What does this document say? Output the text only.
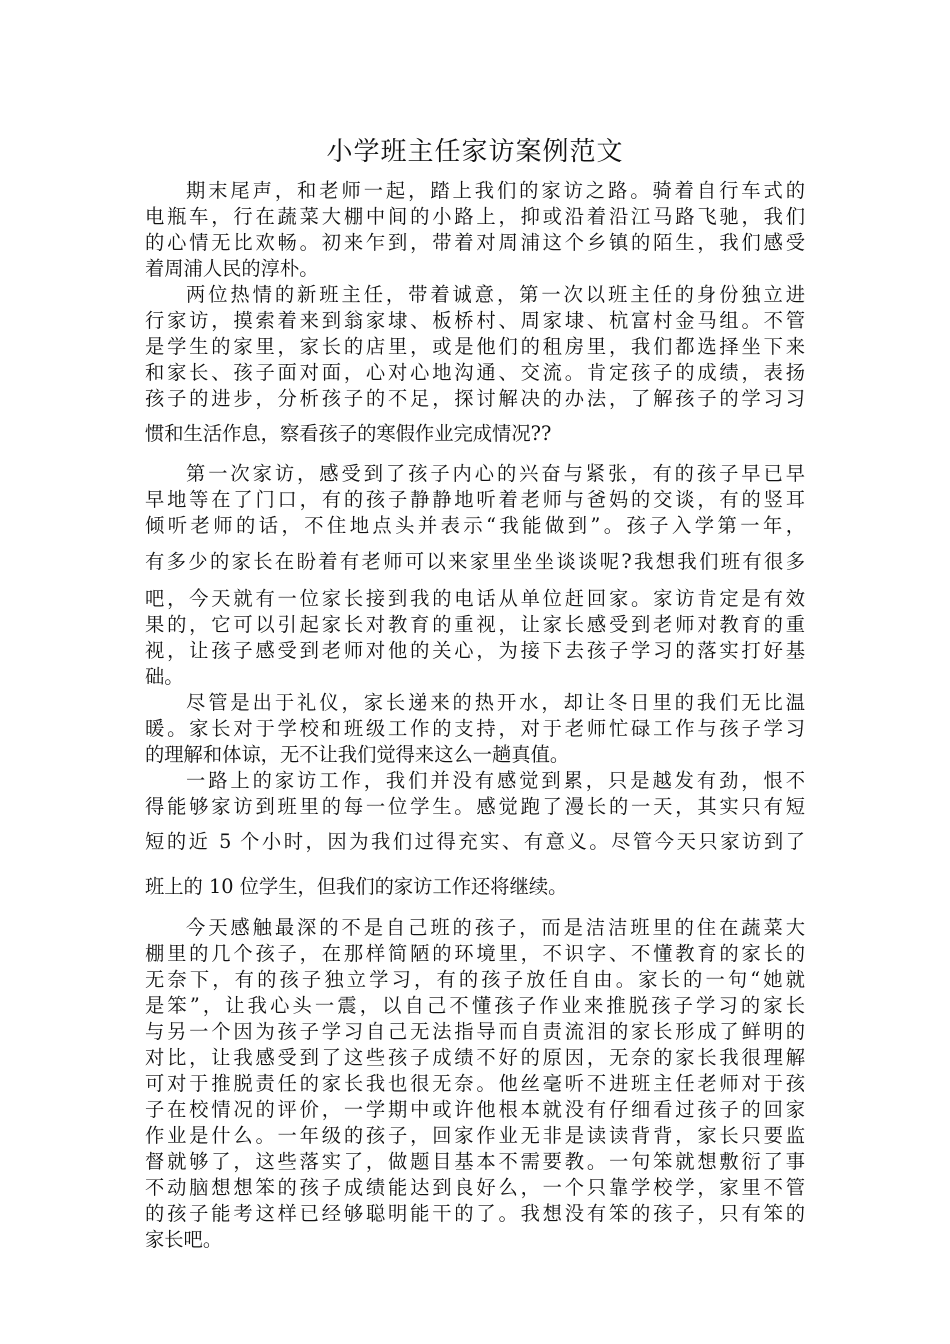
小学班主任家访案例范文
期末尾声，和老师一起，踏上我们的家访之路。骑着自行车式的
电瓶车，行在蔬菜大棚中间的小路上，抑或沿着沿江马路飞驰，我们
的心情无比欢畅。初来乍到，带着对周浦这个乡镇的陌生，我们感受
着周浦人民的淳朴。
两位热情的新班主任，带着诚意，第一次以班主任的身份独立进
行家访，摸索着来到翁家埭、板桥村、周家埭、杭富村金马组。不管
是学生的家里，家长的店里，或是他们的租房里，我们都选择坐下来
和家长、孩子面对面，心对心地沟通、交流。肯定孩子的成绩，表扬
孩子的进步，分析孩子的不足，探讨解决的办法，了解孩子的学习习
惯和生活作息，察看孩子的寒假作业完成情况??
第一次家访，感受到了孩子内心的兴奋与紧张，有的孩子早已早
早地等在了门口，有的孩子静静地听着老师与爸妈的交谈，有的竖耳
倾听老师的话，不住地点头并表示“我能做到”。孩子入学第一年，
有多少的家长在盼着有老师可以来家里坐坐谈谈呢?我想我们班有很多
吧，今天就有一位家长接到我的电话从单位赶回家。家访肯定是有效
果的，它可以引起家长对教育的重视，让家长感受到老师对教育的重
视，让孩子感受到老师对他的关心，为接下去孩子学习的落实打好基
础。
尽管是出于礼仪，家长递来的热开水，却让冬日里的我们无比温
暖。家长对于学校和班级工作的支持，对于老师忙碌工作与孩子学习
的理解和体谅，无不让我们觉得来这么一趟真值。
一路上的家访工作，我们并没有感觉到累，只是越发有劲，恨不
得能够家访到班里的每一位学生。感觉跑了漫长的一天，其实只有短
短的近 5 个小时，因为我们过得充实、有意义。尽管今天只家访到了
班上的 10 位学生，但我们的家访工作还将继续。
今天感触最深的不是自己班的孩子，而是洁洁班里的住在蔬菜大
棚里的几个孩子，在那样简陋的环境里，不识字、不懂教育的家长的
无奈下，有的孩子独立学习，有的孩子放任自由。家长的一句“她就
是笨”，让我心头一震，以自己不懂孩子作业来推脱孩子学习的家长
与另一个因为孩子学习自己无法指导而自责流泪的家长形成了鲜明的
对比，让我感受到了这些孩子成绩不好的原因，无奈的家长我很理解
可对于推脱责任的家长我也很无奈。他丝毫听不进班主任老师对于孩
子在校情况的评价，一学期中或许他根本就没有仔细看过孩子的回家
作业是什么。一年级的孩子，回家作业无非是读读背背，家长只要监
督就够了，这些落实了，做题目基本不需要教。一句笨就想敷衍了事
不动脑想想笨的孩子成绩能达到良好么，一个只靠学校学，家里不管
的孩子能考这样已经够聪明能干的了。我想没有笨的孩子，只有笨的
家长吧。
